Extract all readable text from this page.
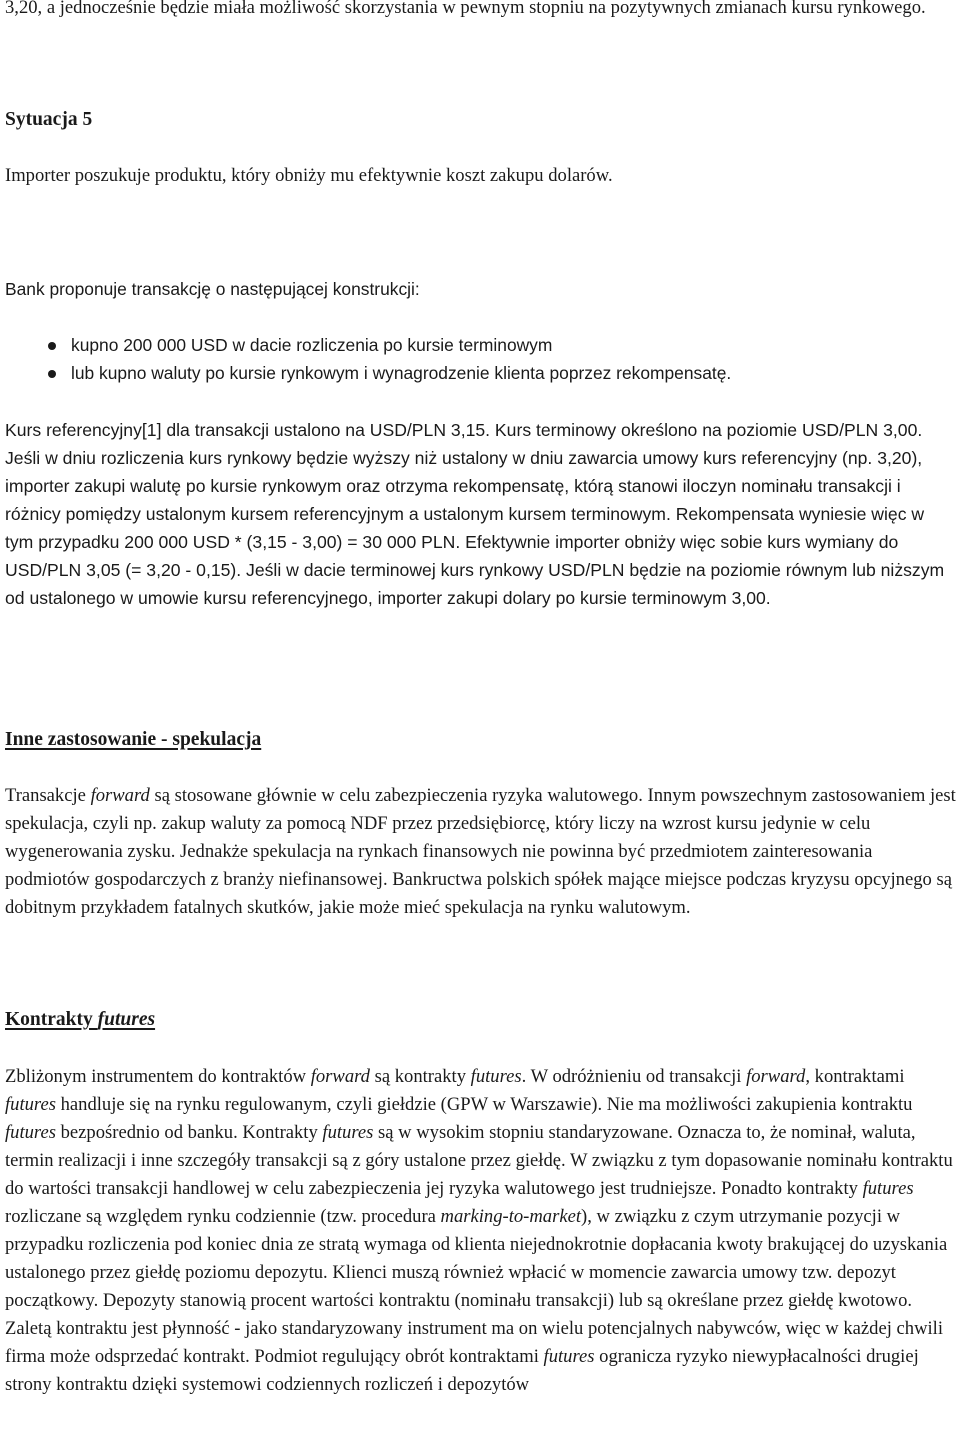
3,20, a jednocześnie będzie miała możliwość skorzystania w pewnym stopniu na pozytywnych zmianach kursu rynkowego.

Sytuacja 5

Importer poszukuje produktu, który obniży mu efektywnie koszt zakupu dolarów.

Bank proponuje transakcję o następującej konstrukcji:

kupno 200 000 USD w dacie rozliczenia po kursie terminowym
lub kupno waluty po kursie rynkowym i wynagrodzenie klienta poprzez rekompensatę.

Kurs referencyjny[1] dla transakcji ustalono na USD/PLN 3,15. Kurs terminowy określono na poziomie USD/PLN 3,00. Jeśli w dniu rozliczenia kurs rynkowy będzie wyższy niż ustalony w dniu zawarcia umowy kurs referencyjny (np. 3,20), importer zakupi walutę po kursie rynkowym oraz otrzyma rekompensatę, którą stanowi iloczyn nominału transakcji i różnicy pomiędzy ustalonym kursem referencyjnym a ustalonym kursem terminowym. Rekompensata wyniesie więc w tym przypadku 200 000 USD * (3,15 - 3,00) = 30 000 PLN. Efektywnie importer obniży więc sobie kurs wymiany do USD/PLN 3,05 (= 3,20 - 0,15). Jeśli w dacie terminowej kurs rynkowy USD/PLN będzie na poziomie równym lub niższym od ustalonego w umowie kursu referencyjnego, importer zakupi dolary po kursie terminowym 3,00.

Inne zastosowanie - spekulacja

Transakcje forward są stosowane głównie w celu zabezpieczenia ryzyka walutowego. Innym powszechnym zastosowaniem jest spekulacja, czyli np. zakup waluty za pomocą NDF przez przedsiębiorcę, który liczy na wzrost kursu jedynie w celu wygenerowania zysku. Jednakże spekulacja na rynkach finansowych nie powinna być przedmiotem zainteresowania podmiotów gospodarczych z branży niefinansowej. Bankructwa polskich spółek mające miejsce podczas kryzysu opcyjnego są dobitnym przykładem fatalnych skutków, jakie może mieć spekulacja na rynku walutowym.

Kontrakty futures

Zbliżonym instrumentem do kontraktów forward są kontrakty futures. W odróżnieniu od transakcji forward, kontraktami futures handluje się na rynku regulowanym, czyli giełdzie (GPW w Warszawie). Nie ma możliwości zakupienia kontraktu futures bezpośrednio od banku. Kontrakty futures są w wysokim stopniu standaryzowane. Oznacza to, że nominał, waluta, termin realizacji i inne szczegóły transakcji są z góry ustalone przez giełdę. W związku z tym dopasowanie nominału kontraktu do wartości transakcji handlowej w celu zabezpieczenia jej ryzyka walutowego jest trudniejsze. Ponadto kontrakty futures rozliczane są względem rynku codziennie (tzw. procedura marking-to-market), w związku z czym utrzymanie pozycji w przypadku rozliczenia pod koniec dnia ze stratą wymaga od klienta niejednokrotnie dopłacania kwoty brakującej do uzyskania ustalonego przez giełdę poziomu depozytu. Klienci muszą również wpłacić w momencie zawarcia umowy tzw. depozyt początkowy. Depozyty stanowią procent wartości kontraktu (nominału transakcji) lub są określane przez giełdę kwotowo. Zaletą kontraktu jest płynność - jako standaryzowany instrument ma on wielu potencjalnych nabywców, więc w każdej chwili firma może odsprzedać kontrakt. Podmiot regulujący obrót kontraktami futures ogranicza ryzyko niewypłacalności drugiej strony kontraktu dzięki systemowi codziennych rozliczeń i depozytów
